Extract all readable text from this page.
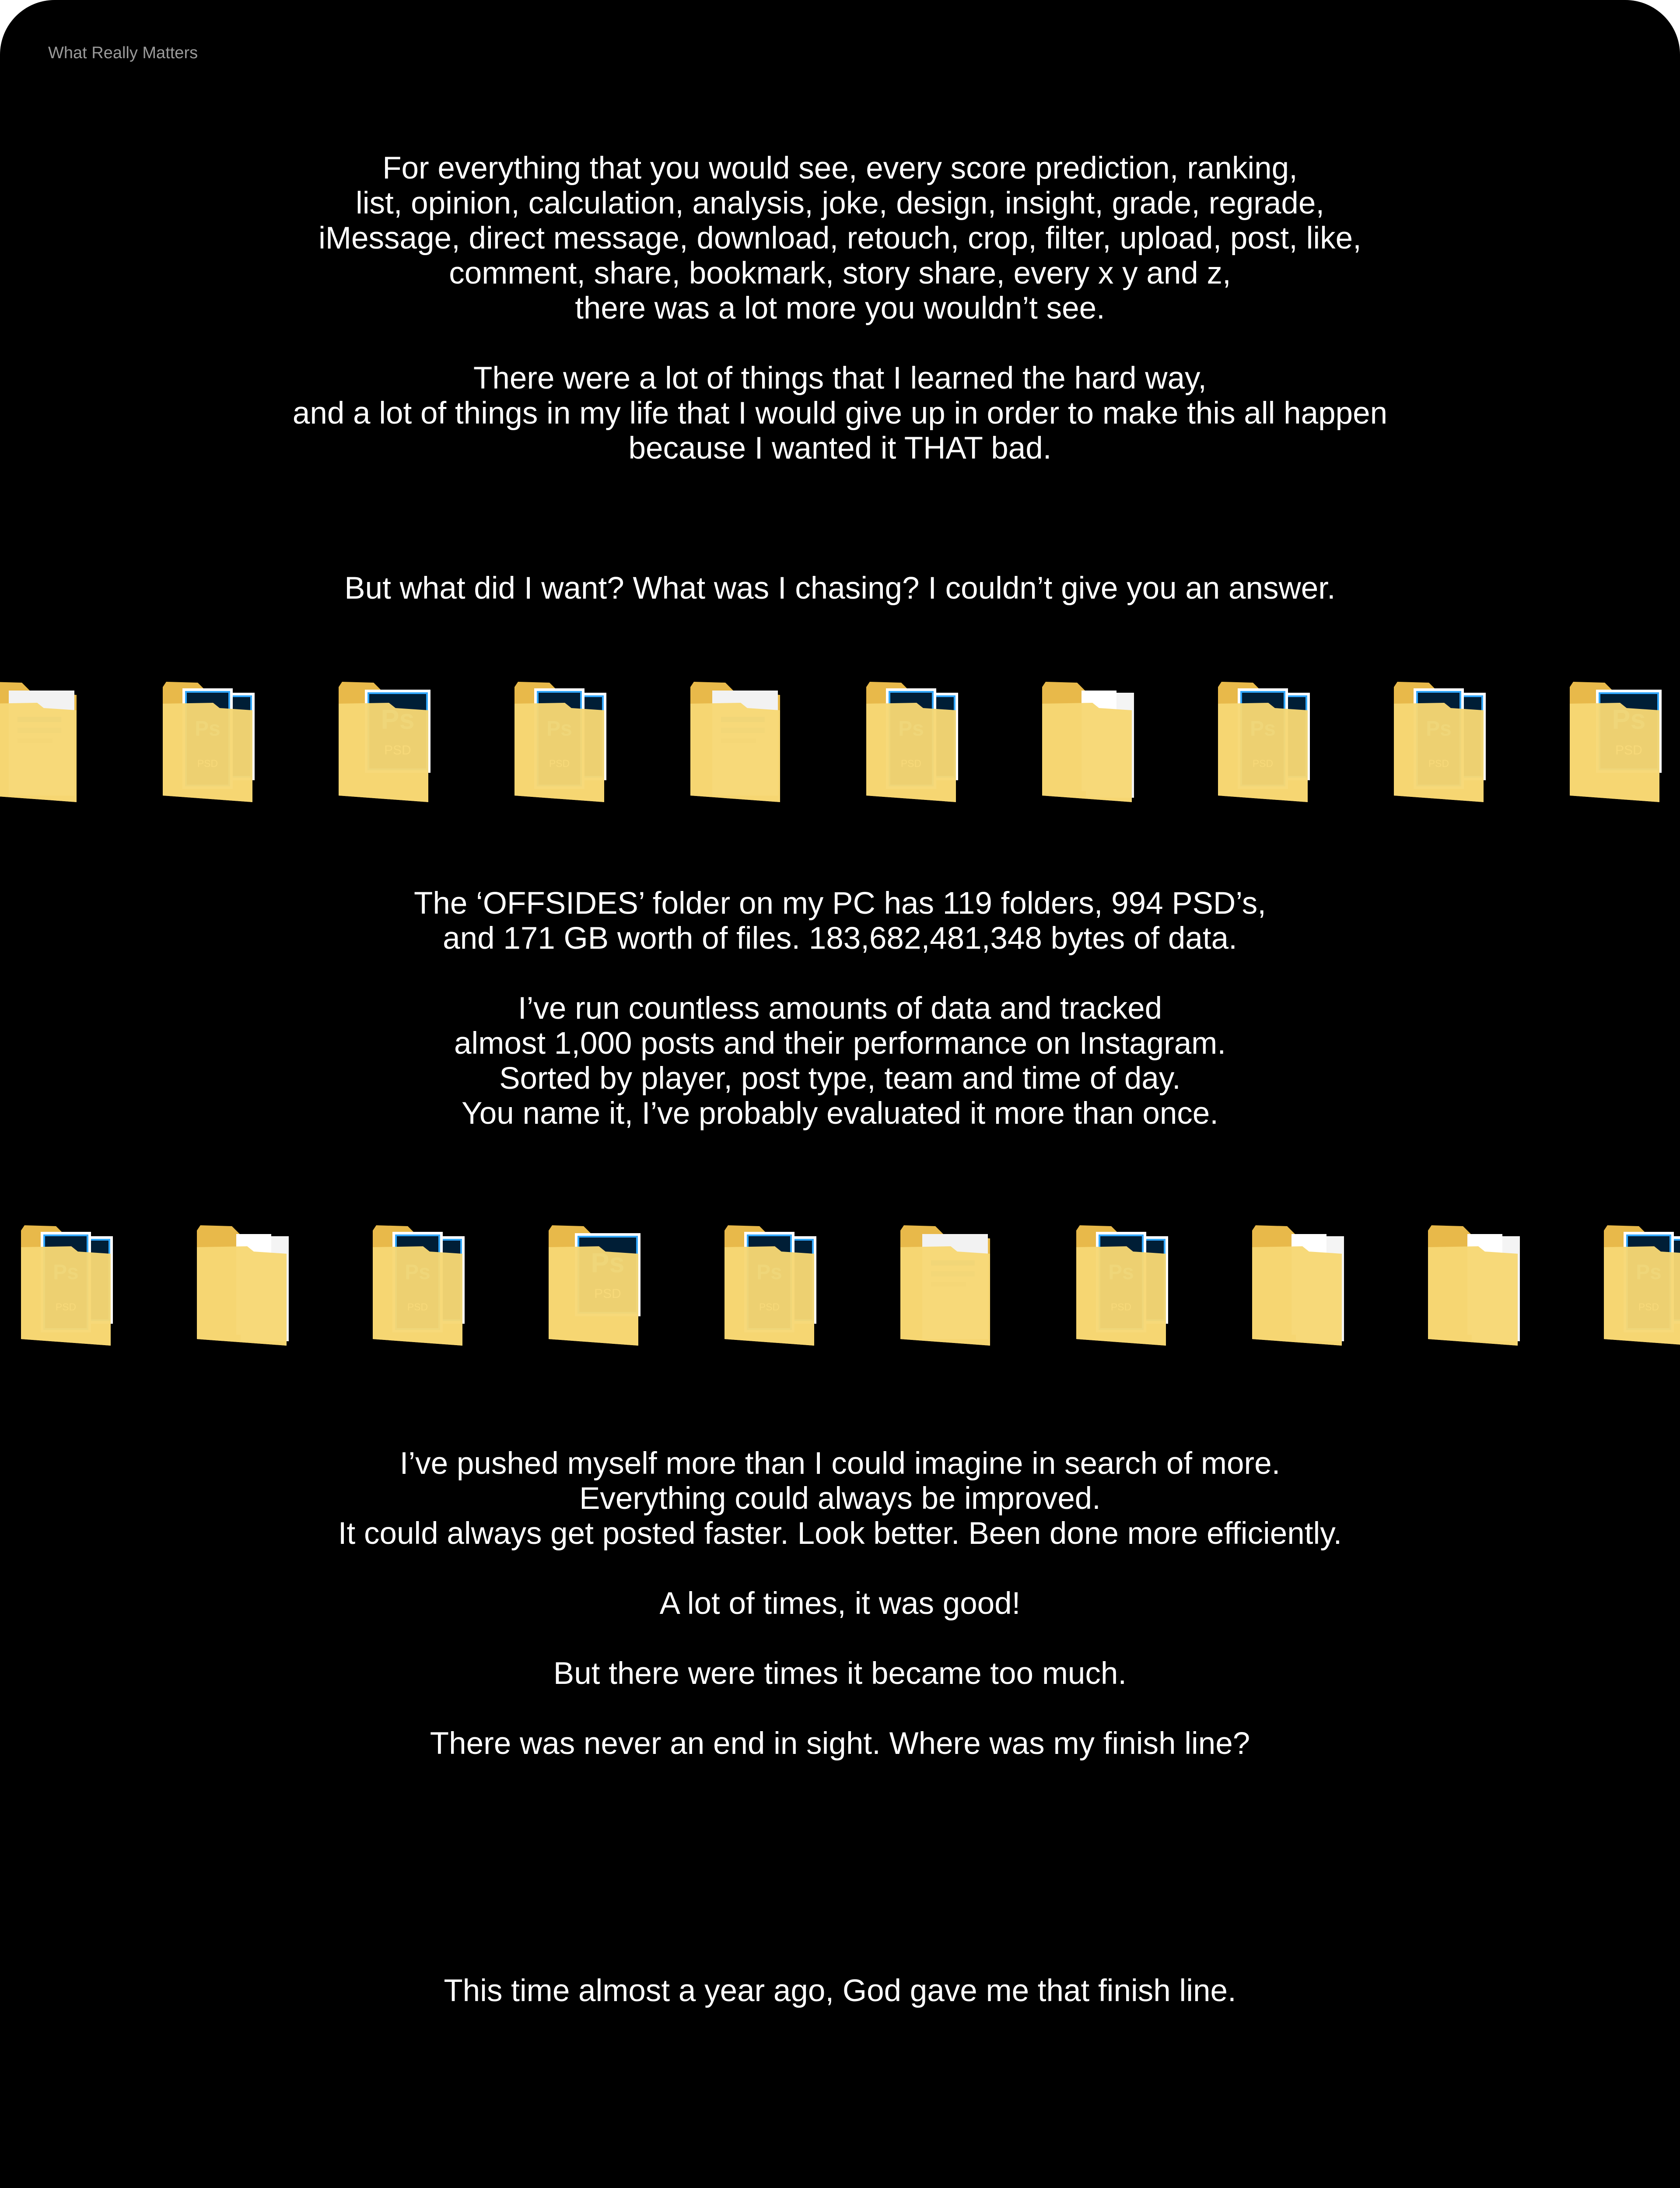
What Really Matters
For everything that you would see, every score prediction, ranking,
list, opinion, calculation, analysis, joke, design, insight, grade, regrade,
iMessage, direct message, download, retouch, crop, filter, upload, post, like,
comment, share, bookmark, story share, every x y and z,
there was a lot more you wouldn’t see.
There were a lot of things that I learned the hard way,
and a lot of things in my life that I would give up in order to make this all happen
because I wanted it THAT bad.
But what did I want? What was I chasing? I couldn’t give you an answer.
The ‘OFFSIDES’ folder on my PC has 119 folders, 994 PSD’s,
and 171 GB worth of files. 183,682,481,348 bytes of data.
I’ve run countless amounts of data and tracked
almost 1,000 posts and their performance on Instagram.
Sorted by player, post type, team and time of day.
You name it, I’ve probably evaluated it more than once.
I’ve pushed myself more than I could imagine in search of more.
Everything could always be improved.
It could always get posted faster. Look better. Been done more efficiently.
A lot of times, it was good!
But there were times it became too much.
There was never an end in sight. Where was my finish line?
This time almost a year ago, God gave me that finish line.
